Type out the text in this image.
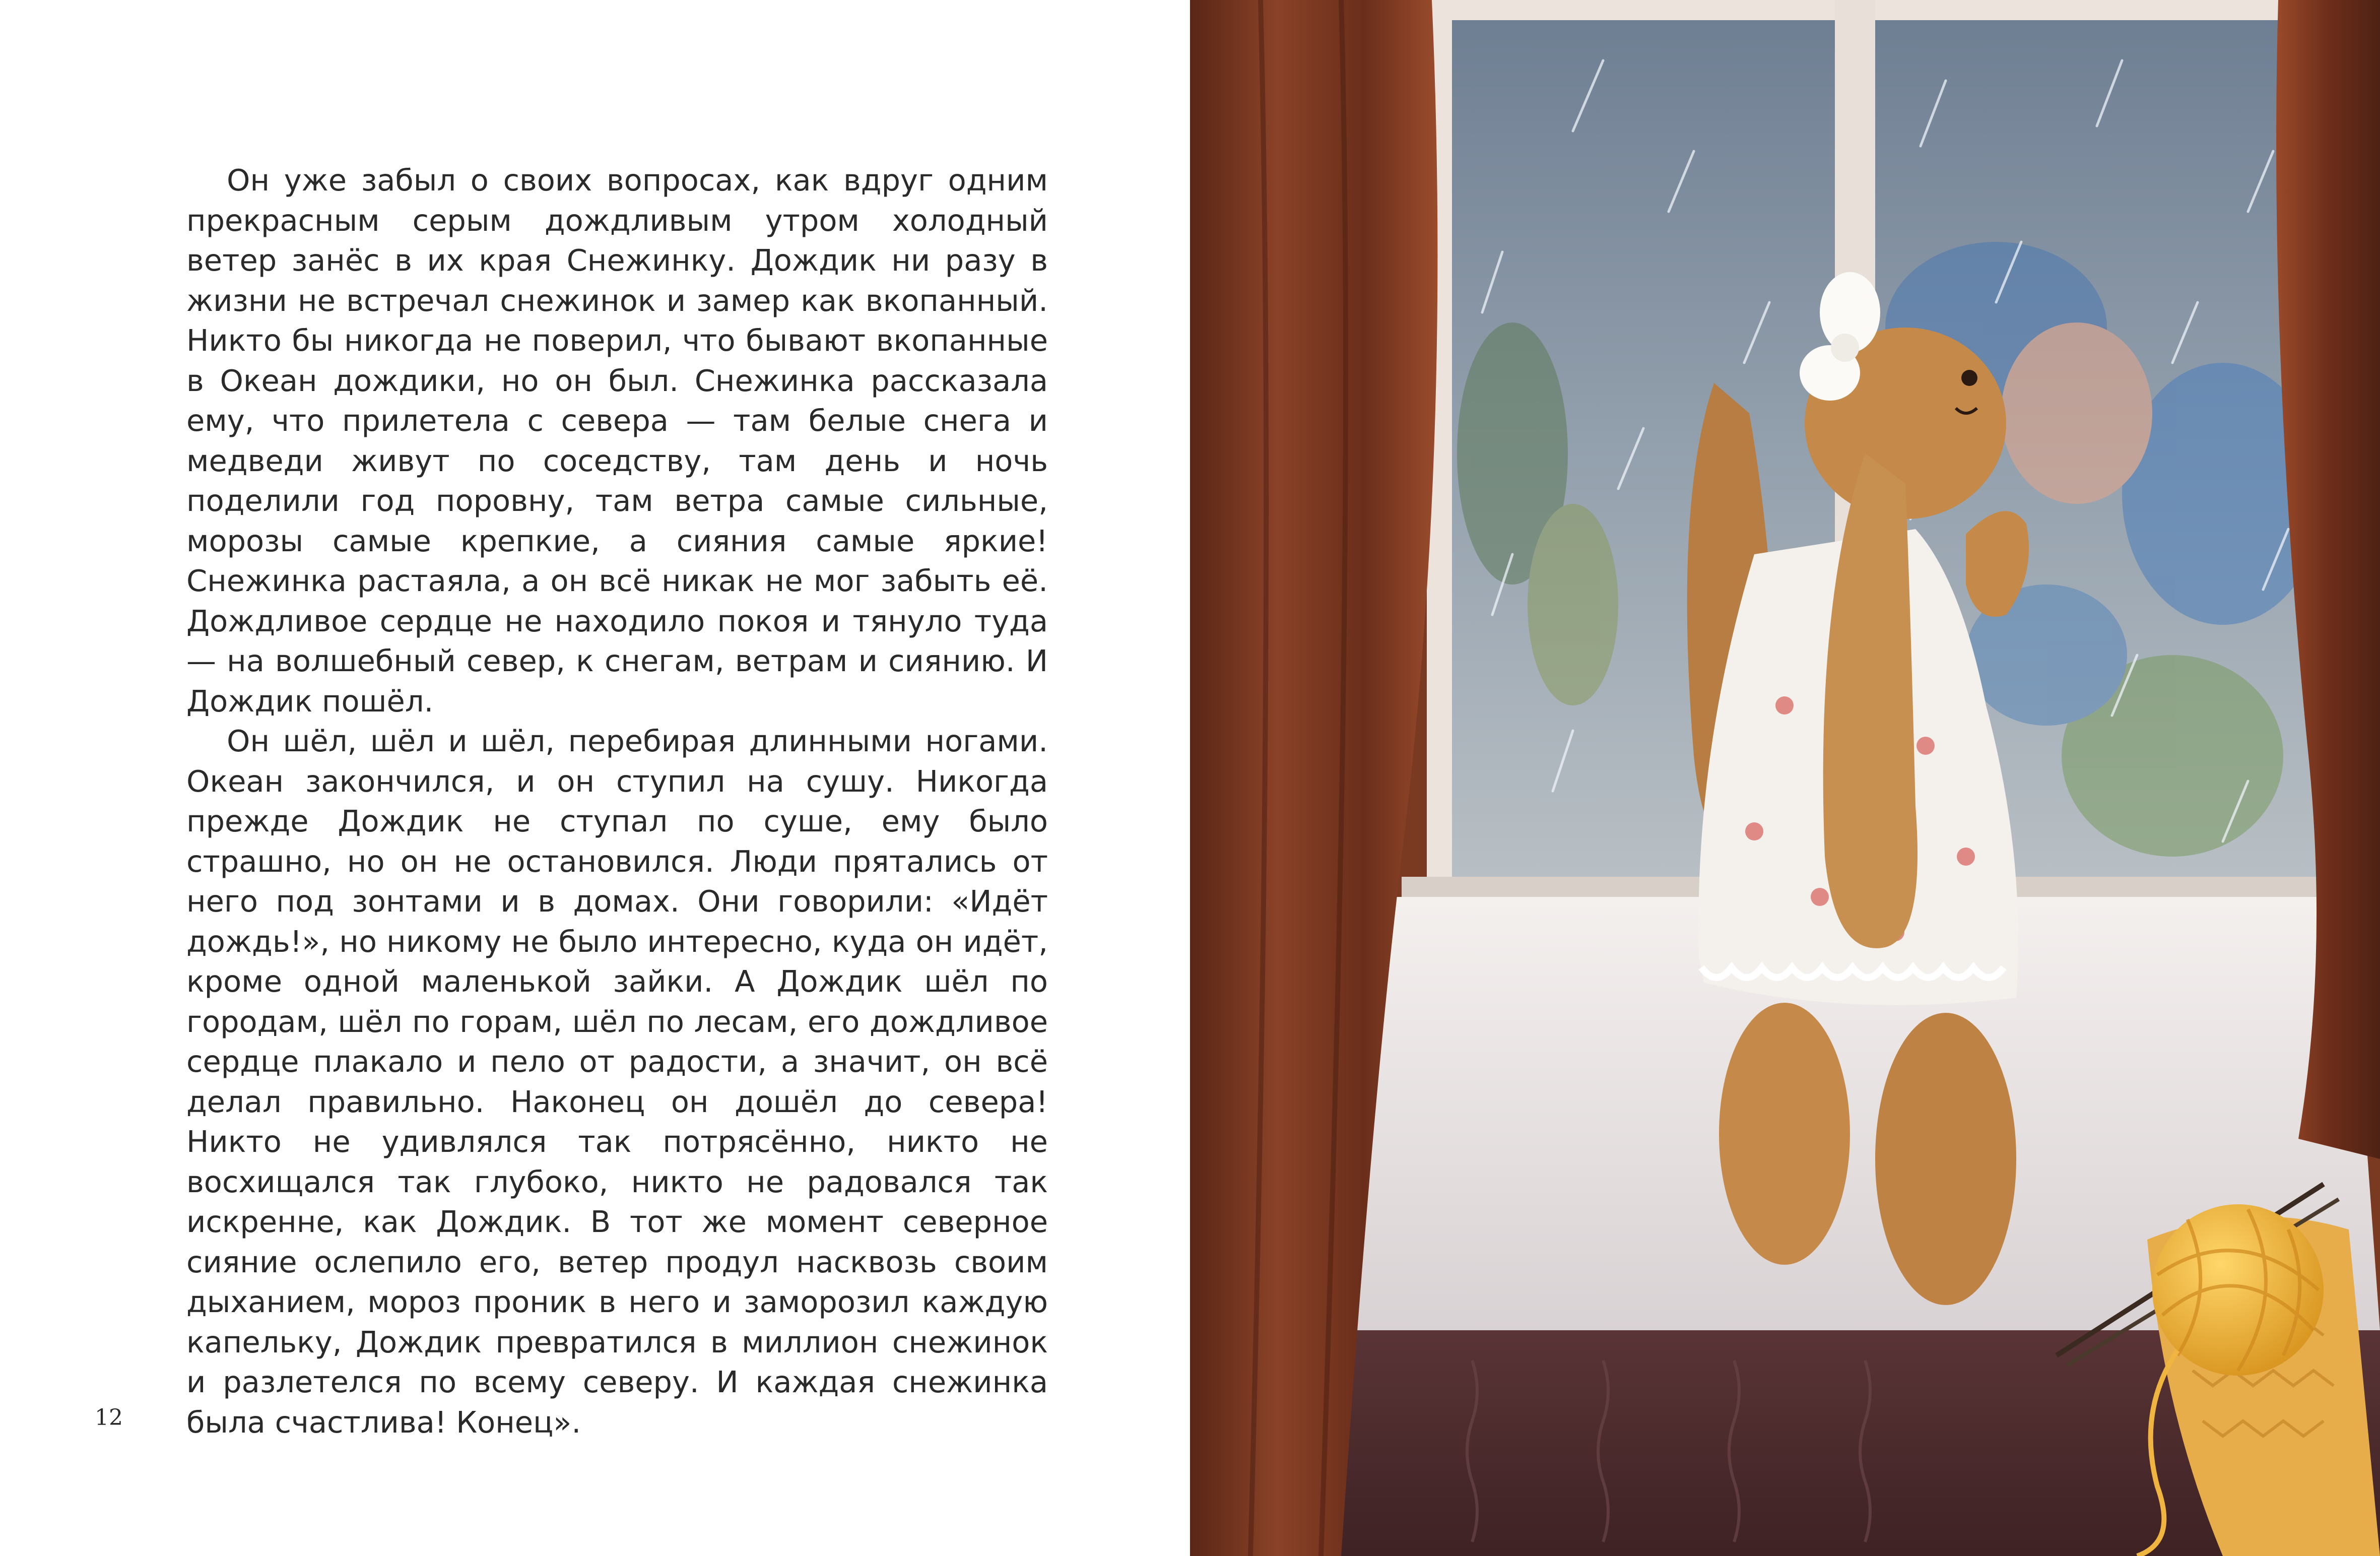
Он уже забыл о своих вопросах, как вдруг одним прекрасным серым дождливым утром холодный ветер занёс в их края Снежинку. Дождик ни разу в жизни не встречал снежинок и замер как вкопанный. Никто бы никогда не поверил, что бывают вкопанные в Океан дождики, но он был. Снежинка рассказала ему, что прилетела с севера — там белые снега и медведи живут по соседству, там день и ночь поделили год поровну, там ветра самые сильные, морозы самые крепкие, а сияния самые яркие! Снежинка растаяла, а он всё никак не мог забыть её. Дождливое сердце не находило покоя и тянуло туда — на волшебный север, к снегам, ветрам и сиянию. И Дождик пошёл.

Он шёл, шёл и шёл, перебирая длинными ногами. Океан закончился, и он ступил на сушу. Никогда прежде Дождик не ступал по суше, ему было страшно, но он не остановился. Люди прятались от него под зонтами и в домах. Они говорили: «Идёт дождь!», но никому не было интересно, куда он идёт, кроме одной маленькой зайки. А Дождик шёл по городам, шёл по горам, шёл по лесам, его дождливое сердце плакало и пело от радости, а значит, он всё делал правильно. Наконец он дошёл до севера! Никто не удивлялся так потрясённо, никто не восхищался так глубоко, никто не радовался так искренне, как Дождик. В тот же момент северное сияние ослепило его, ветер продул насквозь своим дыханием, мороз проник в него и заморозил каждую капельку, Дождик превратился в миллион снежинок и разлетелся по всему северу. И каждая снежинка была счастлива! Конец».

12
